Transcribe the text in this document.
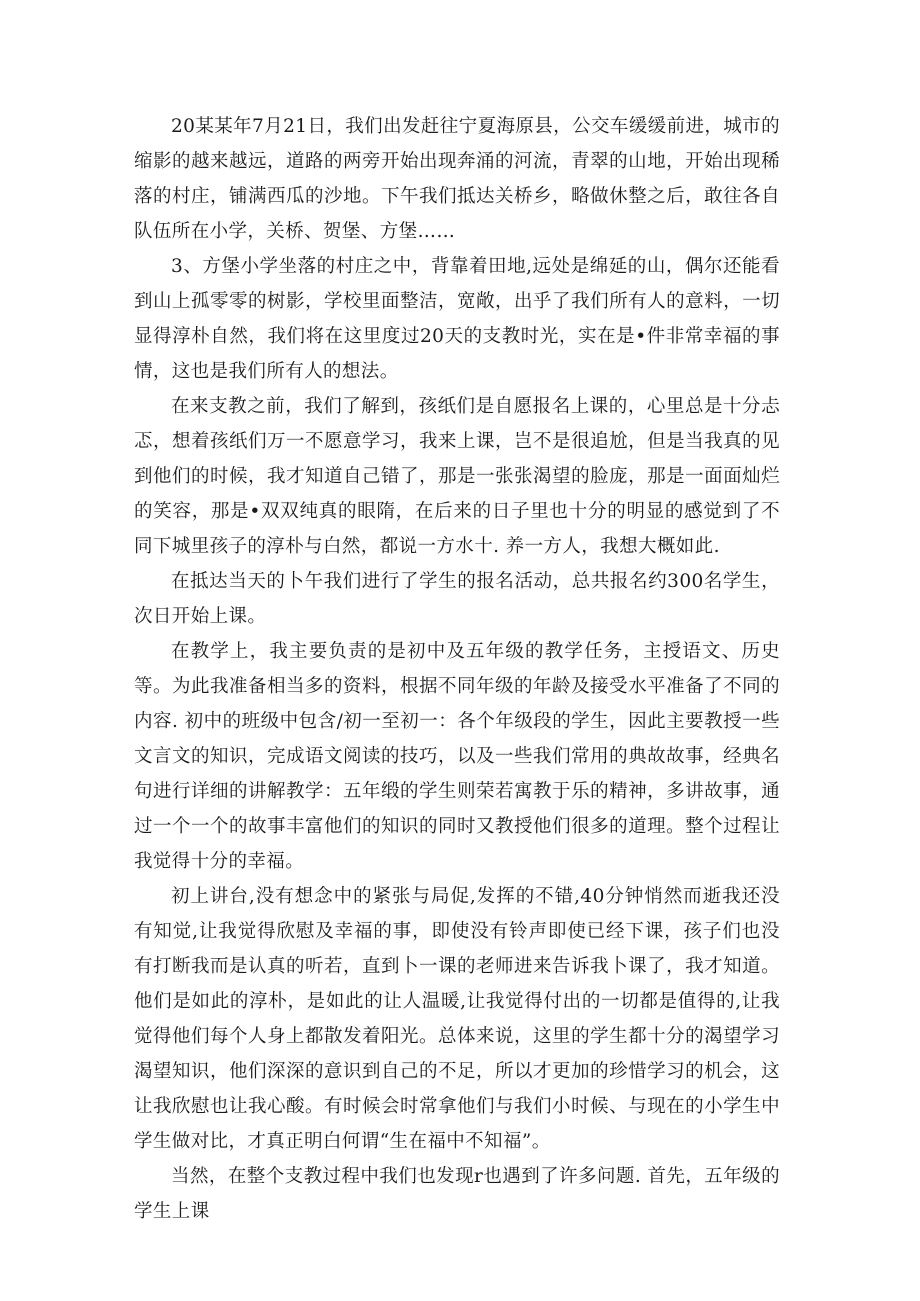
20某某年7月21日，我们出发赶往宁夏海原县，公交车缓缓前进，城市的缩影的越来越远，道路的两旁开始出现奔涌的河流，青翠的山地，开始出现稀落的村庄，铺满西瓜的沙地。下午我们抵达关桥乡，略做休整之后，敢往各自队伍所在小学，关桥、贺堡、方堡……

3、方堡小学坐落的村庄之中，背靠着田地,远处是绵延的山，偶尔还能看到山上孤零零的树影，学校里面整洁，宽敞，出乎了我们所有人的意料，一切显得淳朴自然，我们将在这里度过20天的支教时光，实在是•件非常幸福的事情，这也是我们所有人的想法。

在来支教之前，我们了解到，孩纸们是自愿报名上课的，心里总是十分忐忑，想着孩纸们万一不愿意学习，我来上课，岂不是很追尬，但是当我真的见到他们的时候，我才知道自己错了，那是一张张渴望的脸庞，那是一面面灿烂的笑容，那是•双双纯真的眼隋，在后来的日子里也十分的明显的感觉到了不同下城里孩子的淳朴与白然，都说一方水十. 养一方人，我想大概如此.

在抵达当天的卜午我们进行了学生的报名活动，总共报名约300名学生，次日开始上课。

在教学上，我主要负责的是初中及五年级的教学任务，主授语文、历史等。为此我准备相当多的资料，根据不同年级的年龄及接受水平准备了不同的内容. 初中的班级中包含/初一至初一：各个年级段的学生，因此主要教授一些文言文的知识，完成语文阅读的技巧，以及一些我们常用的典故故事，经典名句进行详细的讲解教学：五年缎的学生则荣若寓教于乐的精神，多讲故事，通过一个一个的故事丰富他们的知识的同时又教授他们很多的道理。整个过程让我觉得十分的幸福。

初上讲台,没有想念中的紧张与局促,发挥的不错,40分钟悄然而逝我还没有知觉,让我觉得欣慰及幸福的事，即使没有铃声即使已经下课，孩子们也没有打断我而是认真的听若，直到卜一课的老师进来告诉我卜课了，我才知道。他们是如此的淳朴，是如此的让人温暖,让我觉得付出的一切都是值得的,让我觉得他们每个人身上都散发着阳光。总体来说，这里的学生都十分的渴望学习渴望知识，他们深深的意识到自己的不足，所以才更加的珍惜学习的机会，这让我欣慰也让我心酸。有时候会时常拿他们与我们小时候、与现在的小学生中学生做对比，才真正明白何谓“生在福中不知福”。

当然，在整个支教过程中我们也发现r也遇到了许多问题. 首先，五年级的学生上课
